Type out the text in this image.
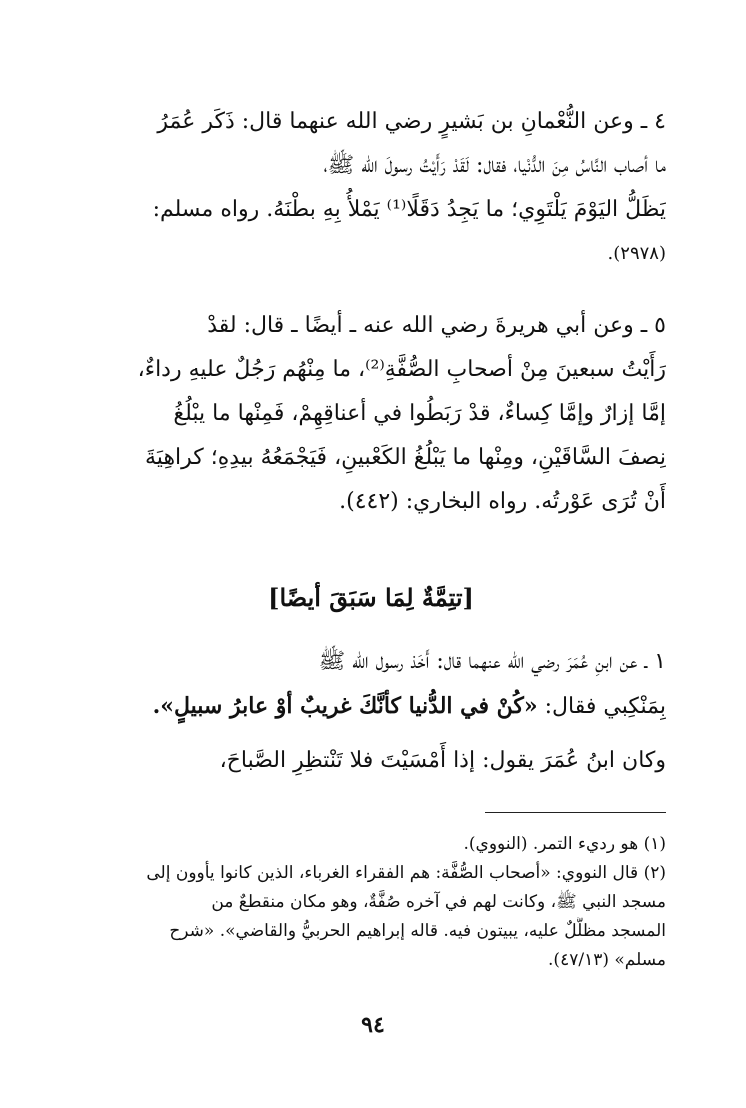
٤ ـ وعن النُّعْمانِ بن بَشيرٍ رضي الله عنهما قال: ذَكَر عُمَرُ
ما أصاب النَّاسُ مِنَ الدُّنْيا، فقال: لَقَدْ رَأَيْتُ رسولَ الله ﷺ،
يَظَلُّ اليَوْمَ يَلْتَوِي؛ ما يَجِدُ دَقَلًا⁽¹⁾ يَمْلأُ بِهِ بطْنَهُ. رواه مسلم:
(٢٩٧٨).
٥ ـ وعن أبي هريرةَ رضي الله عنه ـ أيضًا ـ قال: لقدْ
رَأَيْتُ سبعينَ مِنْ أصحابِ الصُّفَّةِ⁽²⁾، ما مِنْهُم رَجُلٌ عليهِ رداءٌ،
إمَّا إزارٌ وإمَّا كِساءٌ، قدْ رَبَطُوا في أعناقِهِمْ، فَمِنْها ما يبْلُغُ
نِصفَ السَّاقَيْنِ، ومِنْها ما يَبْلُغُ الكَعْبينِ، فَيَجْمَعُهُ بيدِهِ؛ كراهِيَةَ
أَنْ تُرَى عَوْرتُه. رواه البخاري: (٤٤٢).
[تتِمَّةٌ لِمَا سَبَقَ أيضًا]
١ ـ عن ابنِ عُمَرَ رضي الله عنهما قال: أَخَذ رسول الله ﷺ
بِمَنْكِبي فقال: «كُنْ في الدُّنيا كأنَّكَ غريبٌ أوْ عابرُ سبيلٍ».
وكان ابنُ عُمَرَ يقول: إذا أَمْسَيْتَ فلا تَنْتظِرِ الصَّباحَ،
(١) هو رديء التمر. (النووي).
(٢) قال النووي: «أصحاب الصُّفَّة: هم الفقراء الغرباء، الذين كانوا يأوون إلى
مسجد النبي ﷺ، وكانت لهم في آخره صُفَّةٌ، وهو مكان منقطعٌ من
المسجد مظلَّلٌ عليه، يبيتون فيه. قاله إبراهيم الحربيُّ والقاضي». «شرح
مسلم» (٤٧/١٣).
٩٤
